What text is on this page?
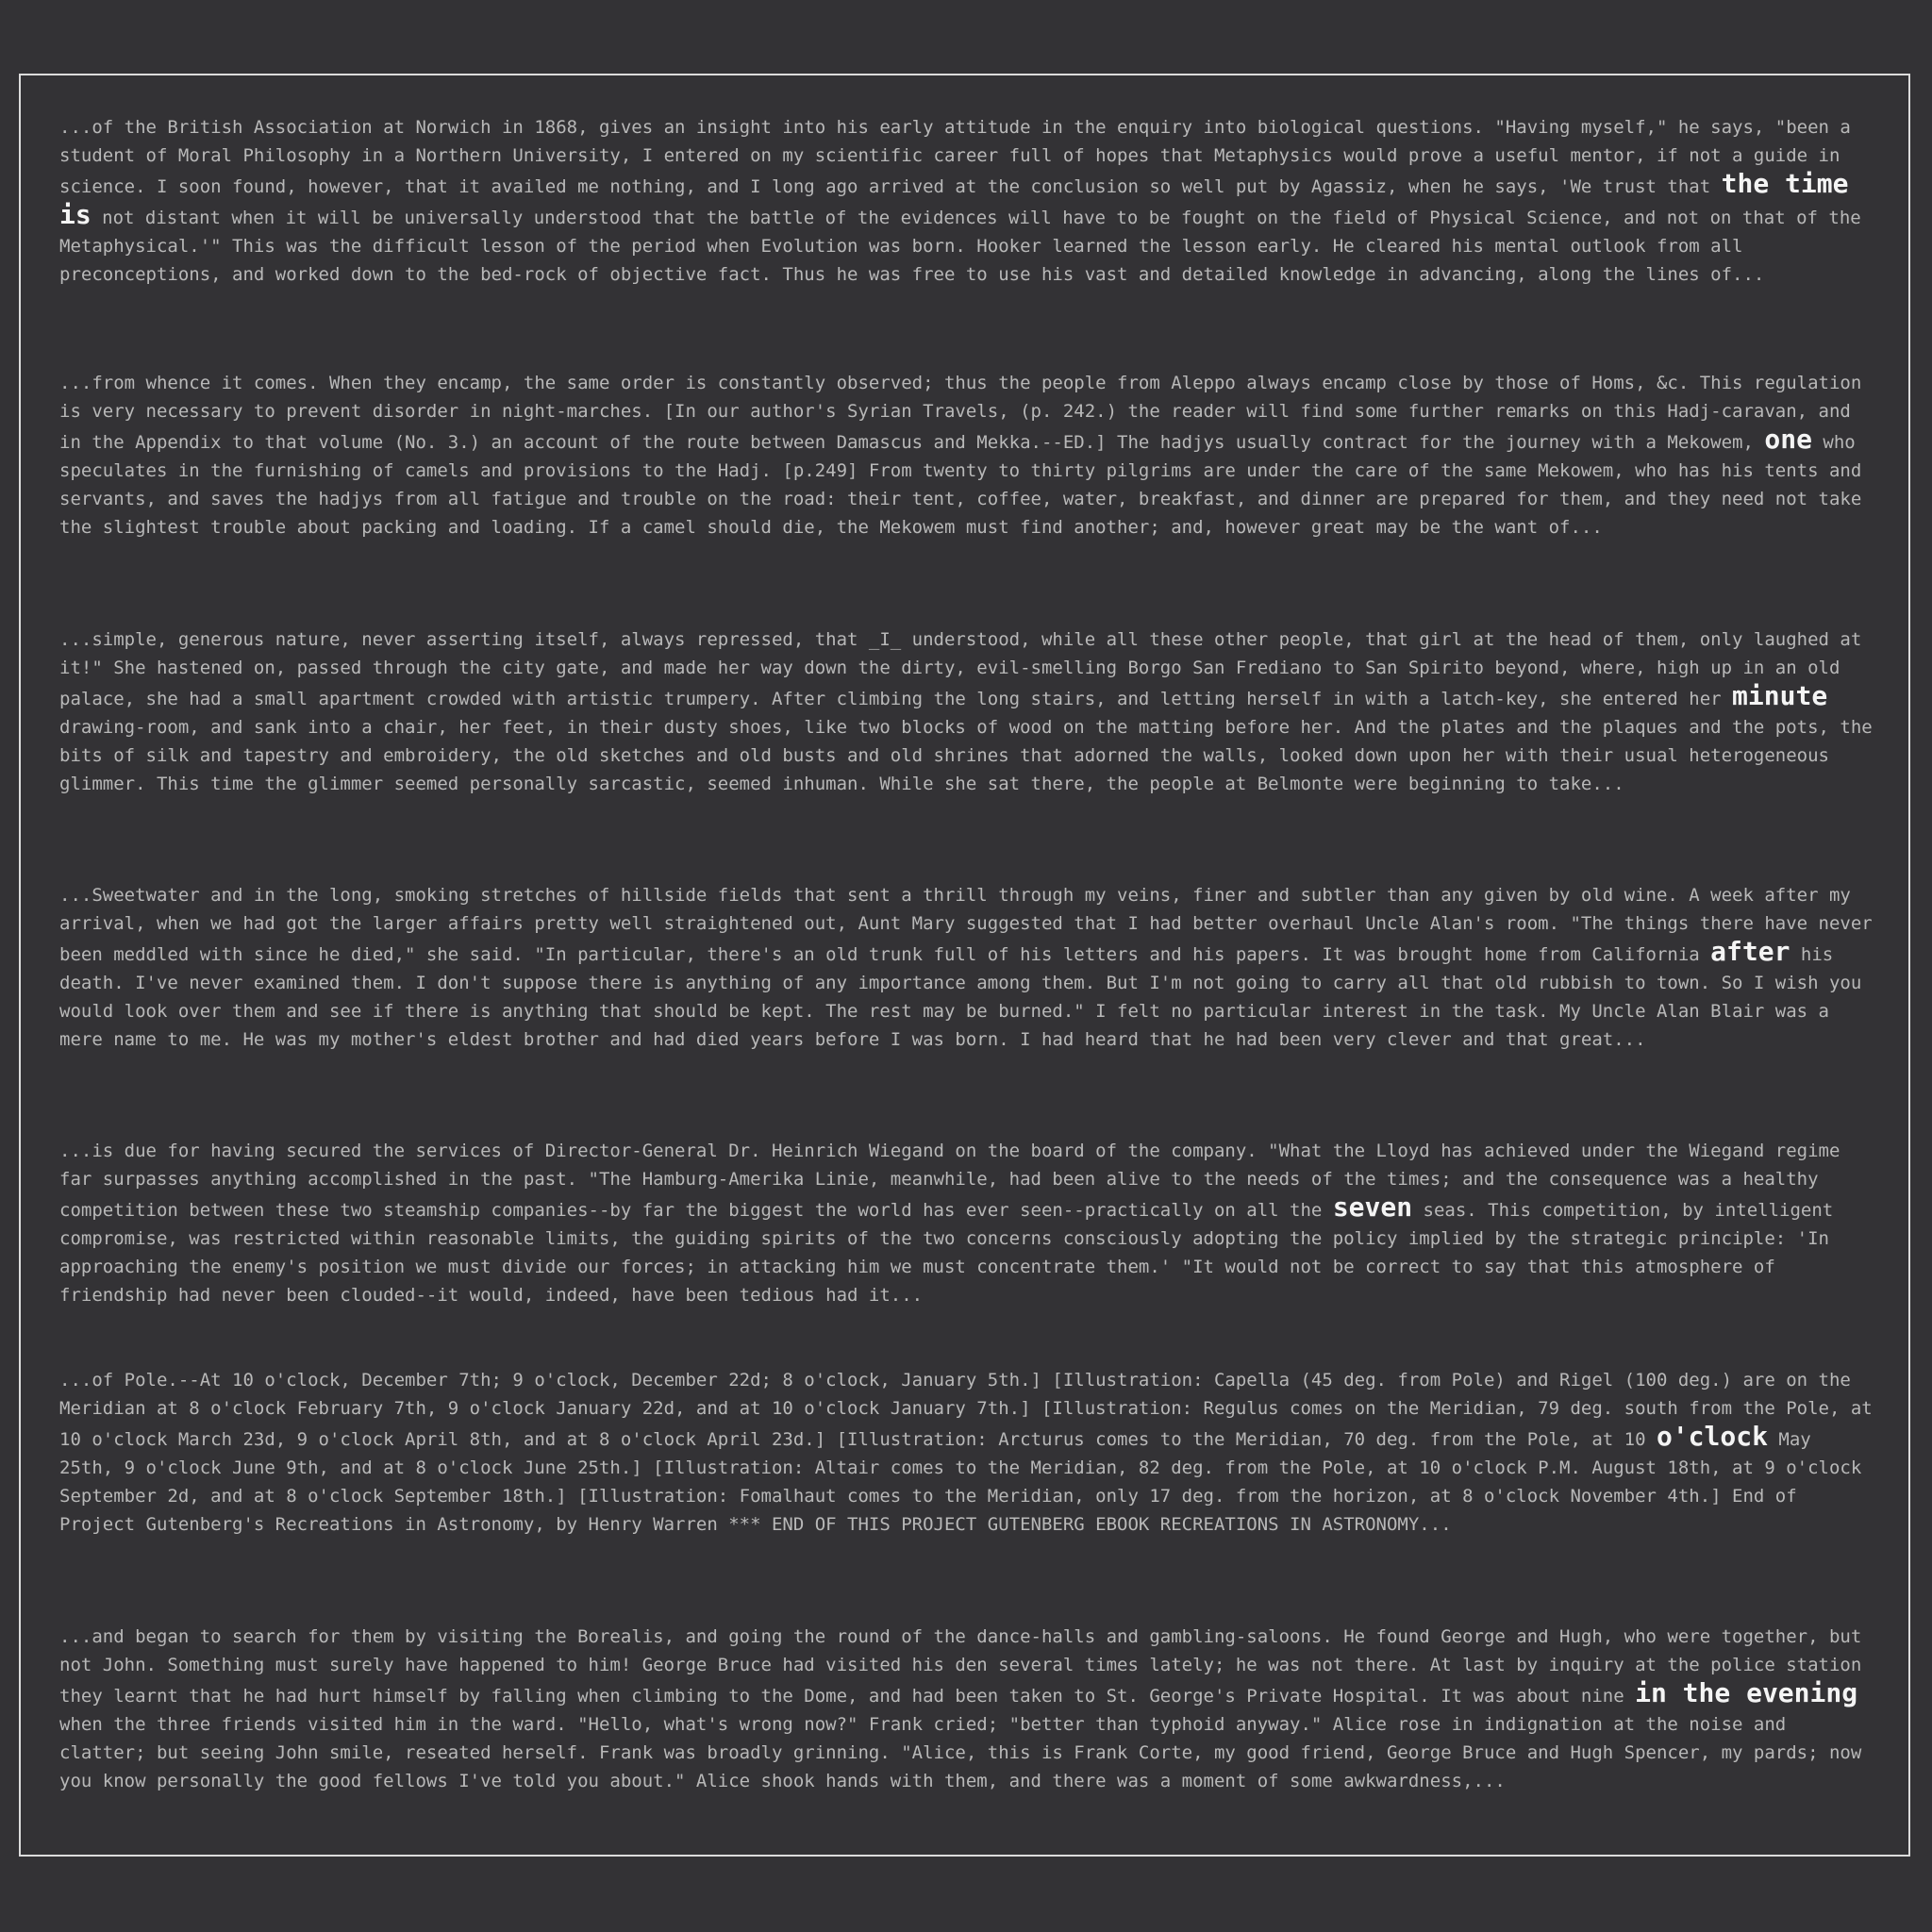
...of the British Association at Norwich in 1868, gives an insight into his early attitude in the enquiry into biological questions. "Having myself," he says, "been a student of Moral Philosophy in a Northern University, I entered on my scientific career full of hopes that Metaphysics would prove a useful mentor, if not a guide in science. I soon found, however, that it availed me nothing, and I long ago arrived at the conclusion so well put by Agassiz, when he says, 'We trust that the time is not distant when it will be universally understood that the battle of the evidences will have to be fought on the field of Physical Science, and not on that of the Metaphysical.'" This was the difficult lesson of the period when Evolution was born. Hooker learned the lesson early. He cleared his mental outlook from all preconceptions, and worked down to the bed-rock of objective fact. Thus he was free to use his vast and detailed knowledge in advancing, along the lines of...

...from whence it comes. When they encamp, the same order is constantly observed; thus the people from Aleppo always encamp close by those of Homs, &c. This regulation is very necessary to prevent disorder in night-marches. [In our author's Syrian Travels, (p. 242.) the reader will find some further remarks on this Hadj-caravan, and in the Appendix to that volume (No. 3.) an account of the route between Damascus and Mekka.--ED.] The hadjys usually contract for the journey with a Mekowem, one who speculates in the furnishing of camels and provisions to the Hadj. [p.249] From twenty to thirty pilgrims are under the care of the same Mekowem, who has his tents and servants, and saves the hadjys from all fatigue and trouble on the road: their tent, coffee, water, breakfast, and dinner are prepared for them, and they need not take the slightest trouble about packing and loading. If a camel should die, the Mekowem must find another; and, however great may be the want of...

...simple, generous nature, never asserting itself, always repressed, that _I_ understood, while all these other people, that girl at the head of them, only laughed at it!" She hastened on, passed through the city gate, and made her way down the dirty, evil-smelling Borgo San Frediano to San Spirito beyond, where, high up in an old palace, she had a small apartment crowded with artistic trumpery. After climbing the long stairs, and letting herself in with a latch-key, she entered her minute drawing-room, and sank into a chair, her feet, in their dusty shoes, like two blocks of wood on the matting before her. And the plates and the plaques and the pots, the bits of silk and tapestry and embroidery, the old sketches and old busts and old shrines that adorned the walls, looked down upon her with their usual heterogeneous glimmer. This time the glimmer seemed personally sarcastic, seemed inhuman. While she sat there, the people at Belmonte were beginning to take...

...Sweetwater and in the long, smoking stretches of hillside fields that sent a thrill through my veins, finer and subtler than any given by old wine. A week after my arrival, when we had got the larger affairs pretty well straightened out, Aunt Mary suggested that I had better overhaul Uncle Alan's room. "The things there have never been meddled with since he died," she said. "In particular, there's an old trunk full of his letters and his papers. It was brought home from California after his death. I've never examined them. I don't suppose there is anything of any importance among them. But I'm not going to carry all that old rubbish to town. So I wish you would look over them and see if there is anything that should be kept. The rest may be burned." I felt no particular interest in the task. My Uncle Alan Blair was a mere name to me. He was my mother's eldest brother and had died years before I was born. I had heard that he had been very clever and that great...

...is due for having secured the services of Director-General Dr. Heinrich Wiegand on the board of the company. "What the Lloyd has achieved under the Wiegand regime far surpasses anything accomplished in the past. "The Hamburg-Amerika Linie, meanwhile, had been alive to the needs of the times; and the consequence was a healthy competition between these two steamship companies--by far the biggest the world has ever seen--practically on all the seven seas. This competition, by intelligent compromise, was restricted within reasonable limits, the guiding spirits of the two concerns consciously adopting the policy implied by the strategic principle: 'In approaching the enemy's position we must divide our forces; in attacking him we must concentrate them.' "It would not be correct to say that this atmosphere of friendship had never been clouded--it would, indeed, have been tedious had it...

...of Pole.--At 10 o'clock, December 7th; 9 o'clock, December 22d; 8 o'clock, January 5th.] [Illustration: Capella (45 deg. from Pole) and Rigel (100 deg.) are on the Meridian at 8 o'clock February 7th, 9 o'clock January 22d, and at 10 o'clock January 7th.] [Illustration: Regulus comes on the Meridian, 79 deg. south from the Pole, at 10 o'clock March 23d, 9 o'clock April 8th, and at 8 o'clock April 23d.] [Illustration: Arcturus comes to the Meridian, 70 deg. from the Pole, at 10 o'clock May 25th, 9 o'clock June 9th, and at 8 o'clock June 25th.] [Illustration: Altair comes to the Meridian, 82 deg. from the Pole, at 10 o'clock P.M. August 18th, at 9 o'clock September 2d, and at 8 o'clock September 18th.] [Illustration: Fomalhaut comes to the Meridian, only 17 deg. from the horizon, at 8 o'clock November 4th.] End of Project Gutenberg's Recreations in Astronomy, by Henry Warren *** END OF THIS PROJECT GUTENBERG EBOOK RECREATIONS IN ASTRONOMY...

...and began to search for them by visiting the Borealis, and going the round of the dance-halls and gambling-saloons. He found George and Hugh, who were together, but not John. Something must surely have happened to him! George Bruce had visited his den several times lately; he was not there. At last by inquiry at the police station they learnt that he had hurt himself by falling when climbing to the Dome, and had been taken to St. George's Private Hospital. It was about nine in the evening when the three friends visited him in the ward. "Hello, what's wrong now?" Frank cried; "better than typhoid anyway." Alice rose in indignation at the noise and clatter; but seeing John smile, reseated herself. Frank was broadly grinning. "Alice, this is Frank Corte, my good friend, George Bruce and Hugh Spencer, my pards; now you know personally the good fellows I've told you about." Alice shook hands with them, and there was a moment of some awkwardness,...
